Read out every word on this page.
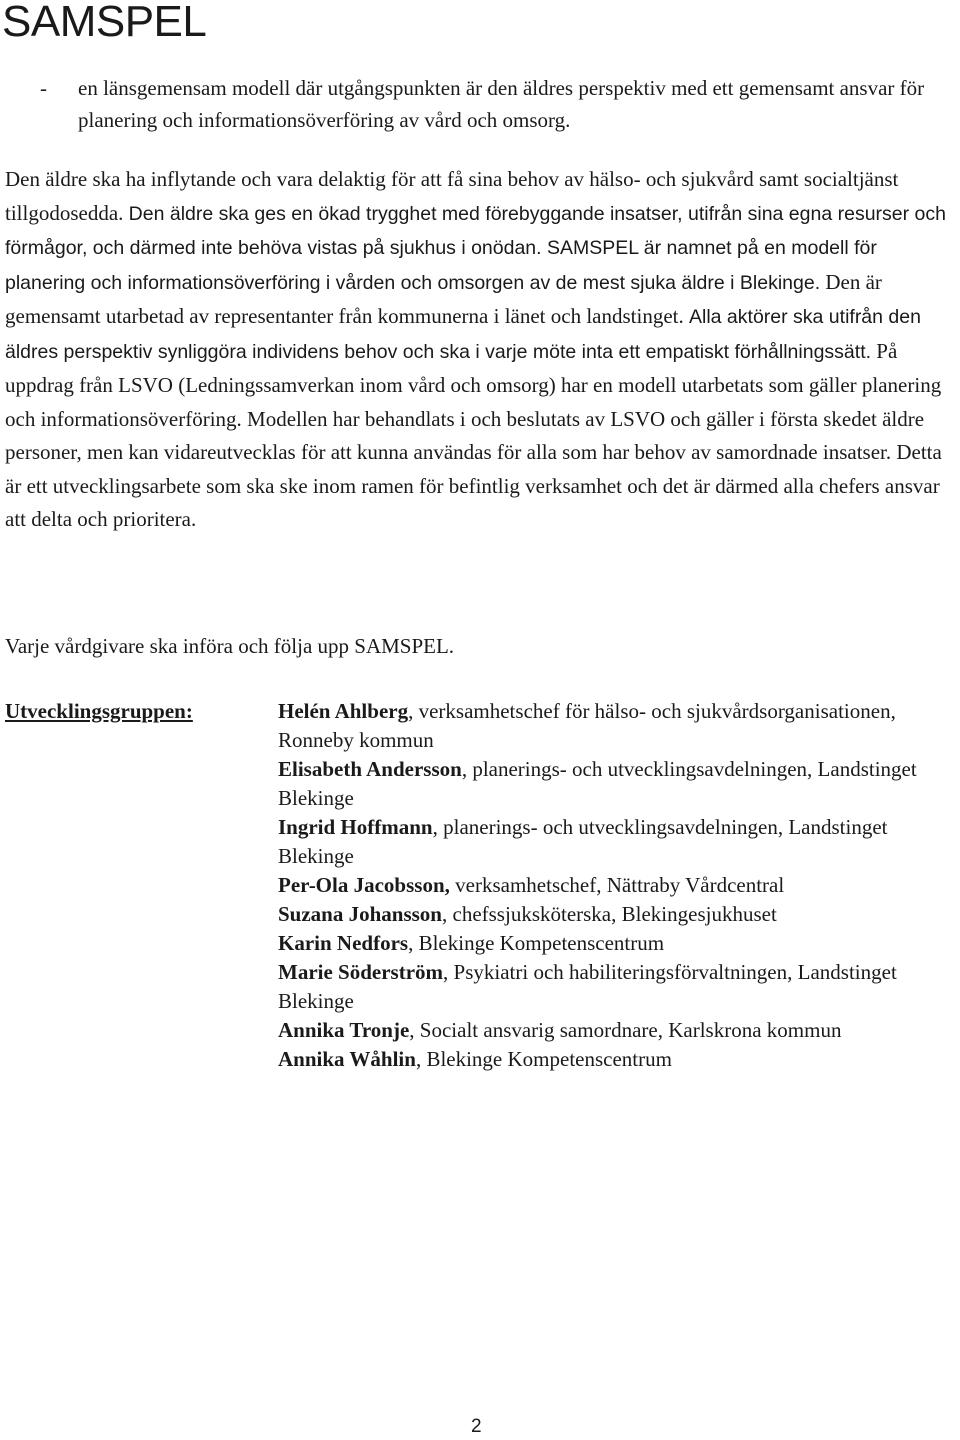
SAMSPEL
- en länsgemensam modell där utgångspunkten är den äldres perspektiv med ett gemensamt ansvar för planering och informationsöverföring av vård och omsorg.

Den äldre ska ha inflytande och vara delaktig för att få sina behov av hälso- och sjukvård samt socialtjänst tillgodosedda. Den äldre ska ges en ökad trygghet med förebyggande insatser, utifrån sina egna resurser och förmågor, och därmed inte behöva vistas på sjukhus i onödan. SAMSPEL är namnet på en modell för planering och informationsöverföring i vården och omsorgen av de mest sjuka äldre i Blekinge. Den är gemensamt utarbetad av representanter från kommunerna i länet och landstinget. Alla aktörer ska utifrån den äldres perspektiv synliggöra individens behov och ska i varje möte inta ett empatiskt förhållningssätt. På uppdrag från LSVO (Ledningssamverkan inom vård och omsorg) har en modell utarbetats som gäller planering och informationsöverföring. Modellen har behandlats i och beslutats av LSVO och gäller i första skedet äldre personer, men kan vidareutvecklas för att kunna användas för alla som har behov av samordnade insatser. Detta är ett utvecklingsarbete som ska ske inom ramen för befintlig verksamhet och det är därmed alla chefers ansvar att delta och prioritera.

Varje vårdgivare ska införa och följa upp SAMSPEL.

Utvecklingsgruppen:	Helén Ahlberg, verksamhetschef för hälso- och sjukvårdsorganisationen, Ronneby kommun
Elisabeth Andersson, planerings- och utvecklingsavdelningen, Landstinget Blekinge
Ingrid Hoffmann, planerings- och utvecklingsavdelningen, Landstinget Blekinge
Per-Ola Jacobsson, verksamhetschef, Nättraby Vårdcentral
Suzana Johansson, chefssjuksköterska, Blekingesjukhuset
Karin Nedfors, Blekinge Kompetenscentrum
Marie Söderström, Psykiatri och habiliteringsförvaltningen, Landstinget Blekinge
Annika Tronje, Socialt ansvarig samordnare, Karlskrona kommun
Annika Wåhlin, Blekinge Kompetenscentrum
2
